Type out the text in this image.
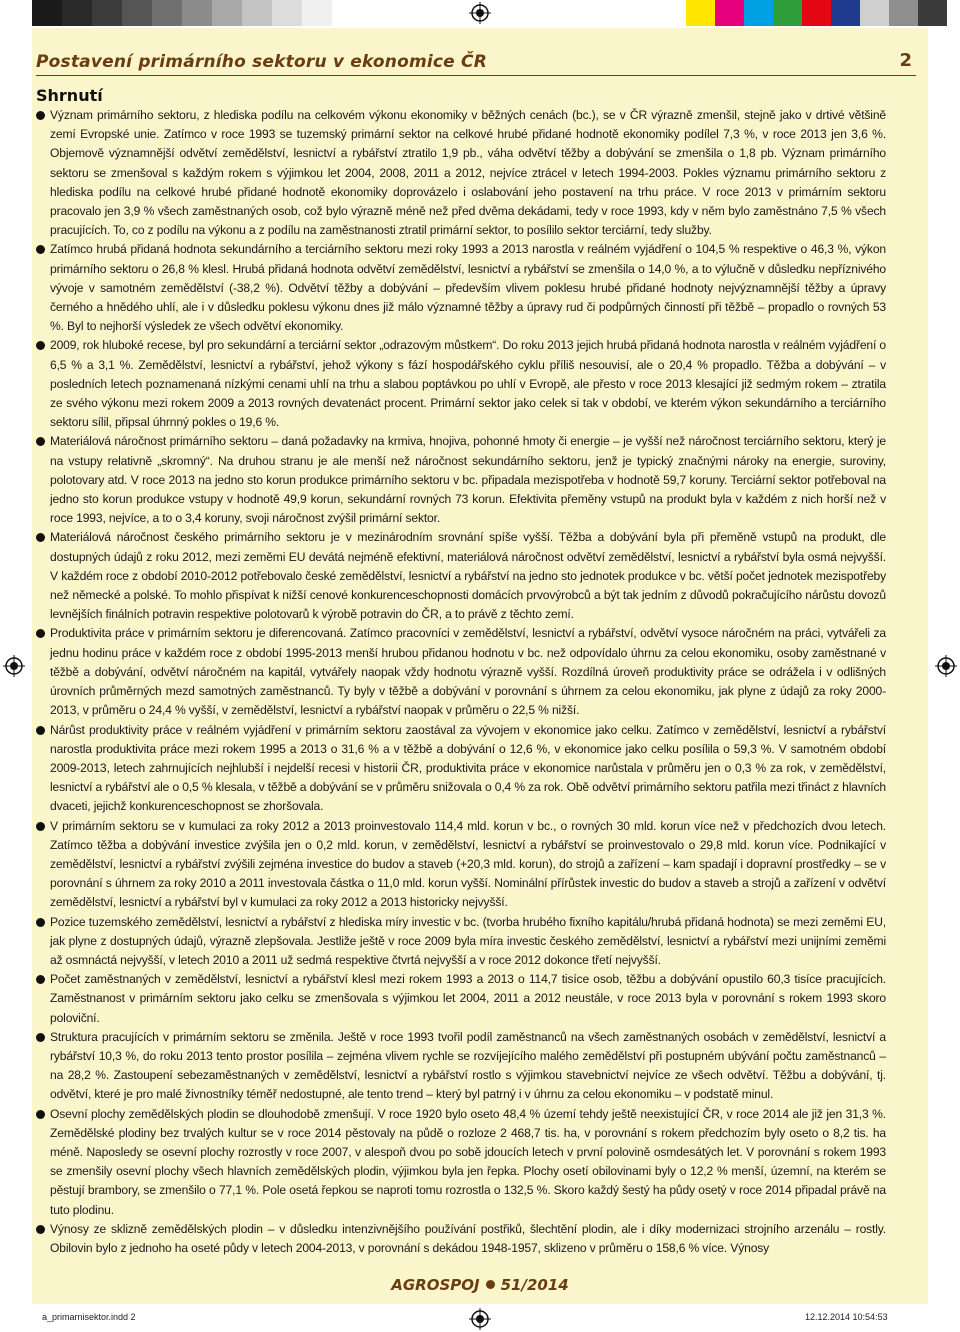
Postavení primárního sektoru v ekonomice ČR	2
Shrnutí

Význam primárního sektoru, z hlediska podílu na celkovém výkonu ekonomiky v běžných cenách (bc.), se v ČR výrazně zmenšil, stejně jako v drtivé většině zemí Evropské unie. Zatímco v roce 1993 se tuzemský primární sektor na celkové hrubé přidané hodnotě ekonomiky podílel 7,3 %, v roce 2013 jen 3,6 %. Objemově významnější odvětví zemědělství, lesnictví a rybářství ztratilo 1,9 pb., váha odvětví těžby a dobývání se zmenšila o 1,8 pb. Význam primárního sektoru se zmenšoval s každým rokem s výjimkou let 2004, 2008, 2011 a 2012, nejvíce ztrácel v letech 1994-2003. Pokles významu primárního sektoru z hlediska podílu na celkové hrubé přidané hodnotě ekonomiky doprovázelo i oslabování jeho postavení na trhu práce. V roce 2013 v primárním sektoru pracovalo jen 3,9 % všech zaměstnaných osob, což bylo výrazně méně než před dvěma dekádami, tedy v roce 1993, kdy v něm bylo zaměstnáno 7,5 % všech pracujících. To, co z podílu na výkonu a z podílu na zaměstnanosti ztratil primární sektor, to posílilo sektor terciární, tedy služby.

Zatímco hrubá přidaná hodnota sekundárního a terciárního sektoru mezi roky 1993 a 2013 narostla v reálném vyjádření o 104,5 % respektive o 46,3 %, výkon primárního sektoru o 26,8 % klesl. Hrubá přidaná hodnota odvětví zemědělství, lesnictví a rybářství se zmenšila o 14,0 %, a to výlučně v důsledku nepříznivého vývoje v samotném zemědělství (-38,2 %). Odvětví těžby a dobývání – především vlivem poklesu hrubé přidané hodnoty nejvýznamnější těžby a úpravy černého a hnědého uhlí, ale i v důsledku poklesu výkonu dnes již málo významné těžby a úpravy rud či podpůrných činností při těžbě – propadlo o rovných 53 %. Byl to nejhorší výsledek ze všech odvětví ekonomiky.

2009, rok hluboké recese, byl pro sekundární a terciární sektor „odrazovým můstkem“. Do roku 2013 jejich hrubá přidaná hodnota narostla v reálném vyjádření o 6,5 % a 3,1 %. Zemědělství, lesnictví a rybářství, jehož výkony s fází hospodářského cyklu příliš nesouvisí, ale o 20,4 % propadlo. Těžba a dobývání – v posledních letech poznamenaná nízkými cenami uhlí na trhu a slabou poptávkou po uhlí v Evropě, ale přesto v roce 2013 klesající již sedmým rokem – ztratila ze svého výkonu mezi rokem 2009 a 2013 rovných devatenáct procent. Primární sektor jako celek si tak v období, ve kterém výkon sekundárního a terciárního sektoru sílil, připsal úhrnný pokles o 19,6 %.

Materiálová náročnost primárního sektoru – daná požadavky na krmiva, hnojiva, pohonné hmoty či energie – je vyšší než náročnost terciárního sektoru, který je na vstupy relativně „skromný“. Na druhou stranu je ale menší než náročnost sekundárního sektoru, jenž je typický značnými nároky na energie, suroviny, polotovary atd. V roce 2013 na jedno sto korun produkce primárního sektoru v bc. připadala mezispotřeba v hodnotě 59,7 koruny. Terciární sektor potřeboval na jedno sto korun produkce vstupy v hodnotě 49,9 korun, sekundární rovných 73 korun. Efektivita přeměny vstupů na produkt byla v každém z nich horší než v roce 1993, nejvíce, a to o 3,4 koruny, svoji náročnost zvýšil primární sektor.

Materiálová náročnost českého primárního sektoru je v mezinárodním srovnání spíše vyšší. Těžba a dobývání byla při přeměně vstupů na produkt, dle dostupných údajů z roku 2012, mezi zeměmi EU devátá nejméně efektivní, materiálová náročnost odvětví zemědělství, lesnictví a rybářství byla osmá nejvyšší. V každém roce z období 2010-2012 potřebovalo české zemědělství, lesnictví a rybářství na jedno sto jednotek produkce v bc. větší počet jednotek mezispotřeby než německé a polské. To mohlo přispívat k nižší cenové konkurenceschopnosti domácích prvovýrobců a být tak jedním z důvodů pokračujícího nárůstu dovozů levnějších finálních potravin respektive polotovarů k výrobě potravin do ČR, a to právě z těchto zemí.

Produktivita práce v primárním sektoru je diferencovaná. Zatímco pracovníci v zemědělství, lesnictví a rybářství, odvětví vysoce náročném na práci, vytvářeli za jednu hodinu práce v každém roce z období 1995-2013 menší hrubou přidanou hodnotu v bc. než odpovídalo úhrnu za celou ekonomiku, osoby zaměstnané v těžbě a dobývání, odvětví náročném na kapitál, vytvářely naopak vždy hodnotu výrazně vyšší. Rozdílná úroveň produktivity práce se odrážela i v odlišných úrovních průměrných mezd samotných zaměstnanců. Ty byly v těžbě a dobývání v porovnání s úhrnem za celou ekonomiku, jak plyne z údajů za roky 2000-2013, v průměru o 24,4 % vyšší, v zemědělství, lesnictví a rybářství naopak v průměru o 22,5 % nižší.

Nárůst produktivity práce v reálném vyjádření v primárním sektoru zaostával za vývojem v ekonomice jako celku. Zatímco v zemědělství, lesnictví a rybářství narostla produktivita práce mezi rokem 1995 a 2013 o 31,6 % a v těžbě a dobývání o 12,6 %, v ekonomice jako celku posílila o 59,3 %. V samotném období 2009-2013, letech zahrnujících nejhlubší i nejdelší recesi v historii ČR, produktivita práce v ekonomice narůstala v průměru jen o 0,3 % za rok, v zemědělství, lesnictví a rybářství ale o 0,5 % klesala, v těžbě a dobývání se v průměru snižovala o 0,4 % za rok. Obě odvětví primárního sektoru patřila mezi třináct z hlavních dvaceti, jejichž konkurenceschopnost se zhoršovala.

V primárním sektoru se v kumulaci za roky 2012 a 2013 proinvestovalo 114,4 mld. korun v bc., o rovných 30 mld. korun více než v předchozích dvou letech. Zatímco těžba a dobývání investice zvýšila jen o 0,2 mld. korun, v zemědělství, lesnictví a rybářství se proinvestovalo o 29,8 mld. korun více. Podnikající v zemědělství, lesnictví a rybářství zvýšili zejména investice do budov a staveb (+20,3 mld. korun), do strojů a zařízení – kam spadají i dopravní prostředky – se v porovnání s úhrnem za roky 2010 a 2011 investovala částka o 11,0 mld. korun vyšší. Nominální přírůstek investic do budov a staveb a strojů a zařízení v odvětví zemědělství, lesnictví a rybářství byl v kumulaci za roky 2012 a 2013 historicky nejvyšší.

Pozice tuzemského zemědělství, lesnictví a rybářství z hlediska míry investic v bc. (tvorba hrubého fixního kapitálu/hrubá přidaná hodnota) se mezi zeměmi EU, jak plyne z dostupných údajů, výrazně zlepšovala. Jestliže ještě v roce 2009 byla míra investic českého zemědělství, lesnictví a rybářství mezi unijními zeměmi až osmnáctá nejvyšší, v letech 2010 a 2011 už sedmá respektive čtvrtá nejvyšší a v roce 2012 dokonce třetí nejvyšší.

Počet zaměstnaných v zemědělství, lesnictví a rybářství klesl mezi rokem 1993 a 2013 o 114,7 tisíce osob, těžbu a dobývání opustilo 60,3 tisíce pracujících. Zaměstnanost v primárním sektoru jako celku se zmenšovala s výjimkou let 2004, 2011 a 2012 neustále, v roce 2013 byla v porovnání s rokem 1993 skoro poloviční.

Struktura pracujících v primárním sektoru se změnila. Ještě v roce 1993 tvořil podíl zaměstnanců na všech zaměstnaných osobách v zemědělství, lesnictví a rybářství 10,3 %, do roku 2013 tento prostor posílila – zejména vlivem rychle se rozvíjejícího malého zemědělství při postupném ubývání počtu zaměstnanců – na 28,2 %. Zastoupení sebezaměstnaných v zemědělství, lesnictví a rybářství rostlo s výjimkou stavebnictví nejvíce ze všech odvětví. Těžbu a dobývání, tj. odvětví, které je pro malé živnostníky téměř nedostupné, ale tento trend – který byl patrný i v úhrnu za celou ekonomiku – v podstatě minul.

Osevní plochy zemědělských plodin se dlouhodobě zmenšují. V roce 1920 bylo oseto 48,4 % území tehdy ještě neexistující ČR, v roce 2014 ale již jen 31,3 %. Zemědělské plodiny bez trvalých kultur se v roce 2014 pěstovaly na půdě o rozloze 2 468,7 tis. ha, v porovnání s rokem předchozím byly oseto o 8,2 tis. ha méně. Naposledy se osevní plochy rozrostly v roce 2007, v alespoň dvou po sobě jdoucích letech v první polovině osmdesátých let. V porovnání s rokem 1993 se zmenšily osevní plochy všech hlavních zemědělských plodin, výjimkou byla jen řepka. Plochy osetí obilovinami byly o 12,2 % menší, územní, na kterém se pěstují brambory, se zmenšilo o 77,1 %. Pole osetá řepkou se naproti tomu rozrostla o 132,5 %. Skoro každý šestý ha půdy osetý v roce 2014 připadal právě na tuto plodinu.

Výnosy ze sklizně zemědělských plodin – v důsledku intenzivnějšího používání postřiků, šlechtění plodin, ale i díky modernizaci strojního arzenálu – rostly. Obilovin bylo z jednoho ha oseté půdy v letech 2004-2013, v porovnání s dekádou 1948-1957, sklizeno v průměru o 158,6 % více. Výnosy

AGROSPOJ 51/2014
a_primarnisektor.indd 2	12.12.2014 10:54:53
